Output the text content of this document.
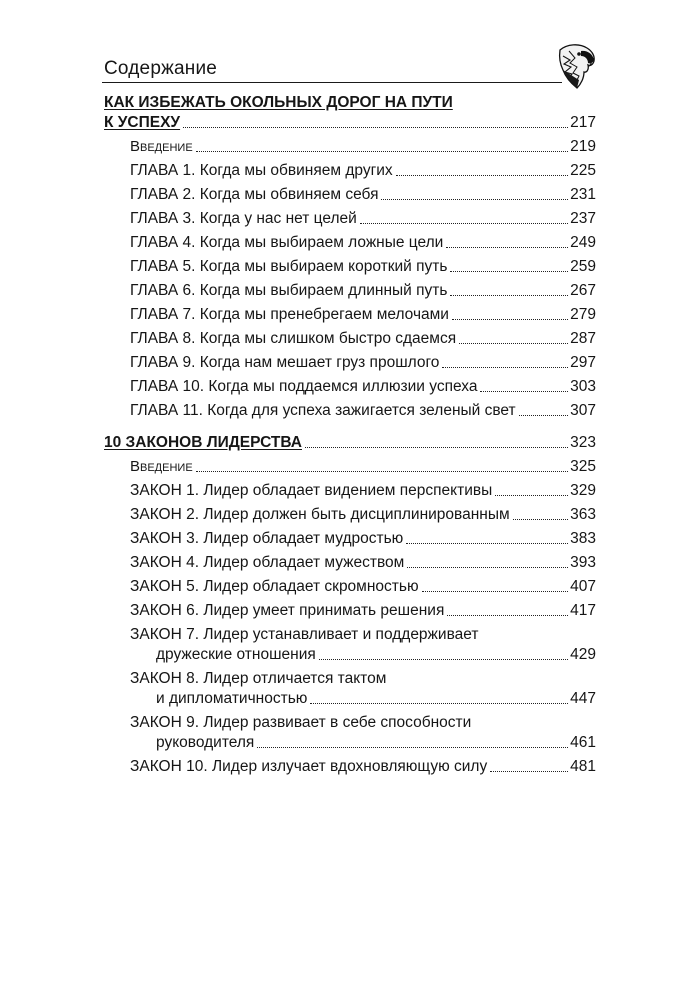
Содержание
КАК ИЗБЕЖАТЬ ОКОЛЬНЫХ ДОРОГ НА ПУТИ
К УСПЕХУ	217
Введение	219
ГЛАВА 1. Когда мы обвиняем других	225
ГЛАВА 2. Когда мы обвиняем себя	231
ГЛАВА 3. Когда у нас нет целей	237
ГЛАВА 4. Когда мы выбираем ложные цели	249
ГЛАВА 5. Когда мы выбираем короткий путь	259
ГЛАВА 6. Когда мы выбираем длинный путь	267
ГЛАВА 7. Когда мы пренебрегаем мелочами	279
ГЛАВА 8. Когда мы слишком быстро сдаемся	287
ГЛАВА 9. Когда нам мешает груз прошлого	297
ГЛАВА 10. Когда мы поддаемся иллюзии успеха	303
ГЛАВА 11. Когда для успеха зажигается зеленый свет	307
10 ЗАКОНОВ ЛИДЕРСТВА	323
Введение	325
ЗАКОН 1. Лидер обладает видением перспективы	329
ЗАКОН 2. Лидер должен быть дисциплинированным	363
ЗАКОН 3. Лидер обладает мудростью	383
ЗАКОН 4. Лидер обладает мужеством	393
ЗАКОН 5. Лидер обладает скромностью	407
ЗАКОН 6. Лидер умеет принимать решения	417
ЗАКОН 7. Лидер устанавливает и поддерживает
дружеские отношения	429
ЗАКОН 8. Лидер отличается тактом
и дипломатичностью	447
ЗАКОН 9. Лидер развивает в себе способности
руководителя	461
ЗАКОН 10. Лидер излучает вдохновляющую силу	481
